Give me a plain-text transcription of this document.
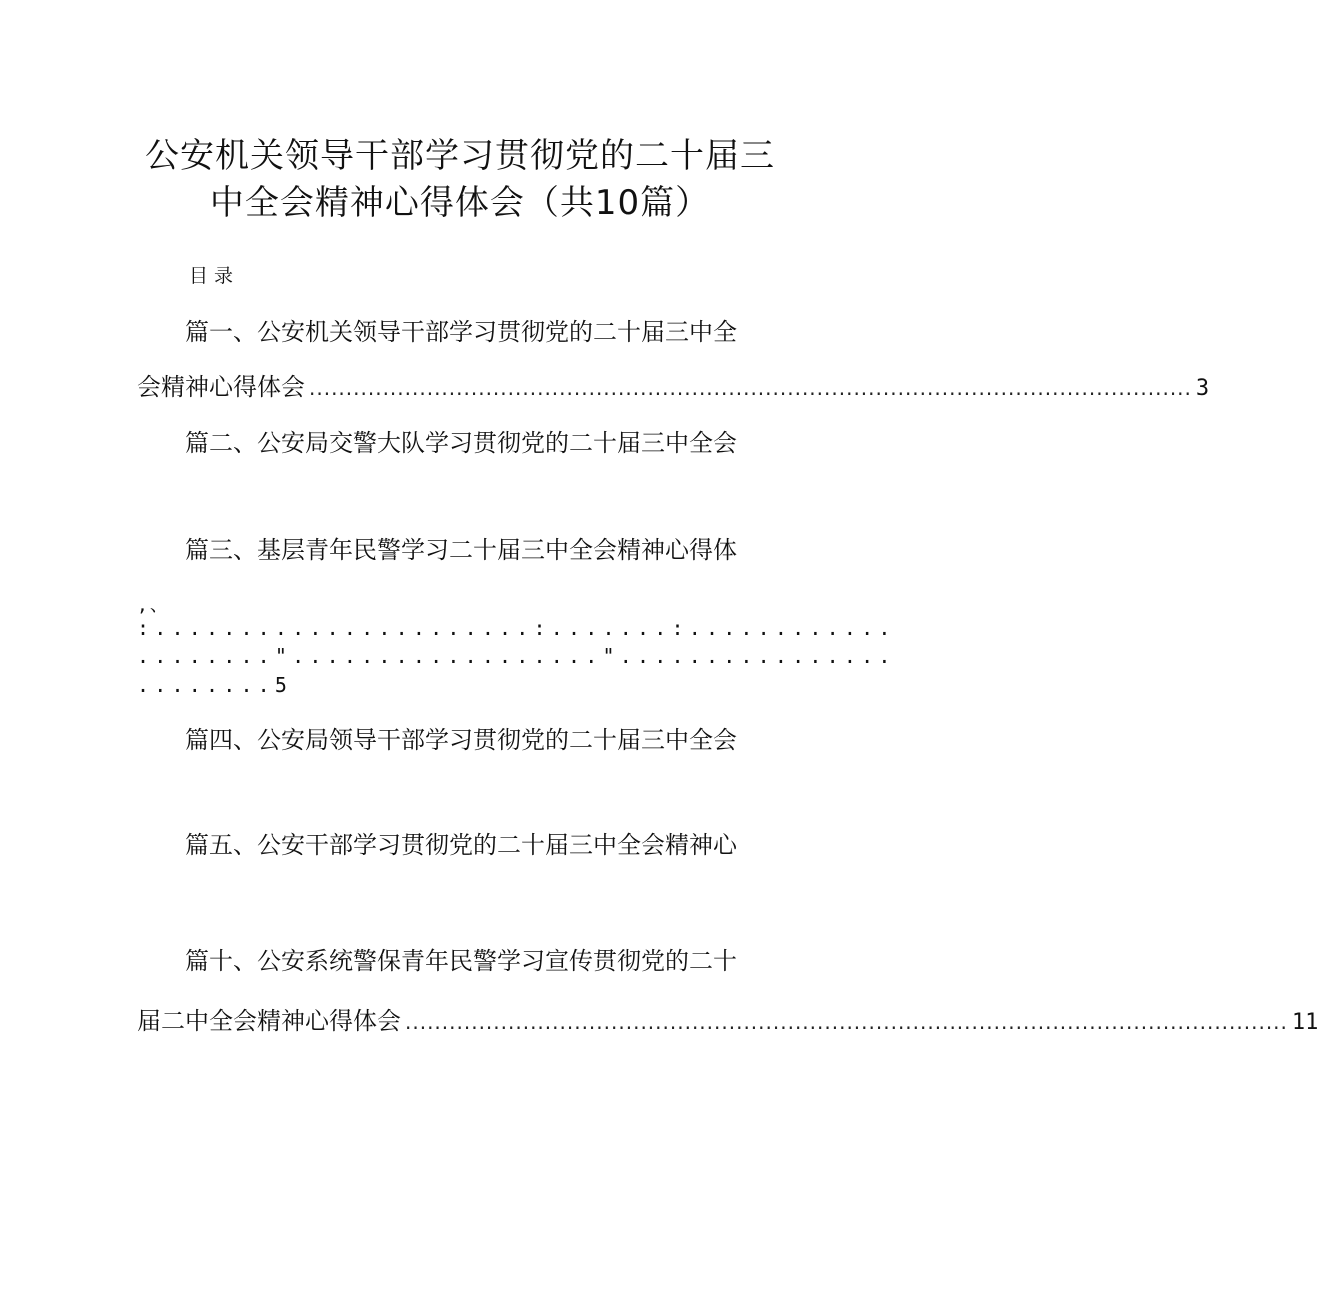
公安机关领导干部学习贯彻党的二十届三
中全会精神心得体会（共10篇）
目录
篇一、公安机关领导干部学习贯彻党的二十届三中全
会精神心得体会 ........................................................................................................................ 3
篇二、公安局交警大队学习贯彻党的二十届三中全会
篇三、基层青年民警学习二十届三中全会精神心得体
,、
:......................:.......:............
........".................."................
........5
篇四、公安局领导干部学习贯彻党的二十届三中全会
篇五、公安干部学习贯彻党的二十届三中全会精神心
篇十、公安系统警保青年民警学习宣传贯彻党的二十
届二中全会精神心得体会 ........................................................................................................................ 11
